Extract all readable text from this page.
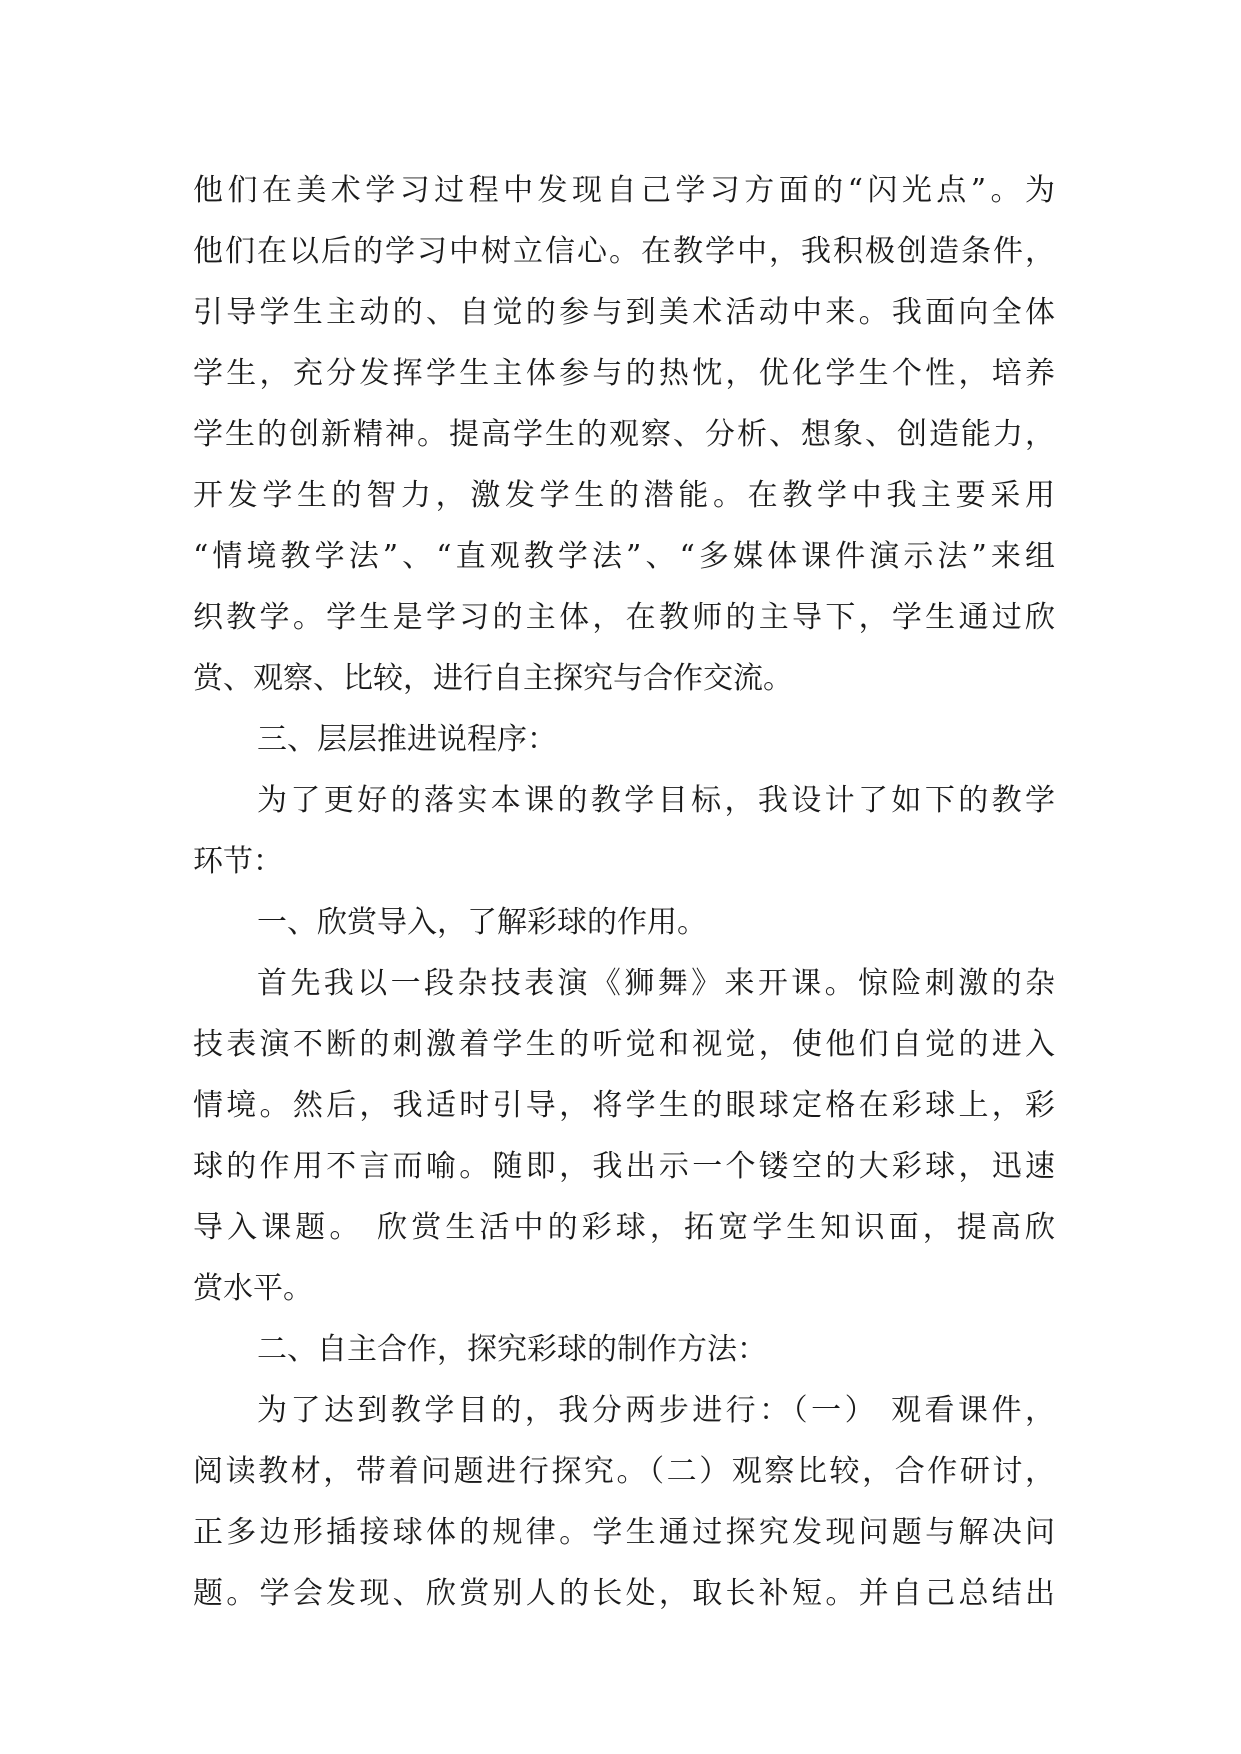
他们在美术学习过程中发现自己学习方面的“闪光点”。为
他们在以后的学习中树立信心。在教学中，我积极创造条件，
引导学生主动的、自觉的参与到美术活动中来。我面向全体
学生，充分发挥学生主体参与的热忱，优化学生个性，培养
学生的创新精神。提高学生的观察、分析、想象、创造能力，
开发学生的智力，激发学生的潜能。在教学中我主要采用
“情境教学法”、“直观教学法”、“多媒体课件演示法”来组
织教学。学生是学习的主体，在教师的主导下，学生通过欣
赏、观察、比较，进行自主探究与合作交流。
三、层层推进说程序：
为了更好的落实本课的教学目标，我设计了如下的教学
环节：
一、欣赏导入，了解彩球的作用。
首先我以一段杂技表演《狮舞》来开课。惊险刺激的杂
技表演不断的刺激着学生的听觉和视觉，使他们自觉的进入
情境。然后，我适时引导，将学生的眼球定格在彩球上，彩
球的作用不言而喻。随即，我出示一个镂空的大彩球，迅速
导入课题。 欣赏生活中的彩球，拓宽学生知识面，提高欣
赏水平。
二、自主合作，探究彩球的制作方法：
为了达到教学目的，我分两步进行：（一） 观看课件，
阅读教材，带着问题进行探究。（二）观察比较，合作研讨，
正多边形插接球体的规律。学生通过探究发现问题与解决问
题。学会发现、欣赏别人的长处，取长补短。并自己总结出
